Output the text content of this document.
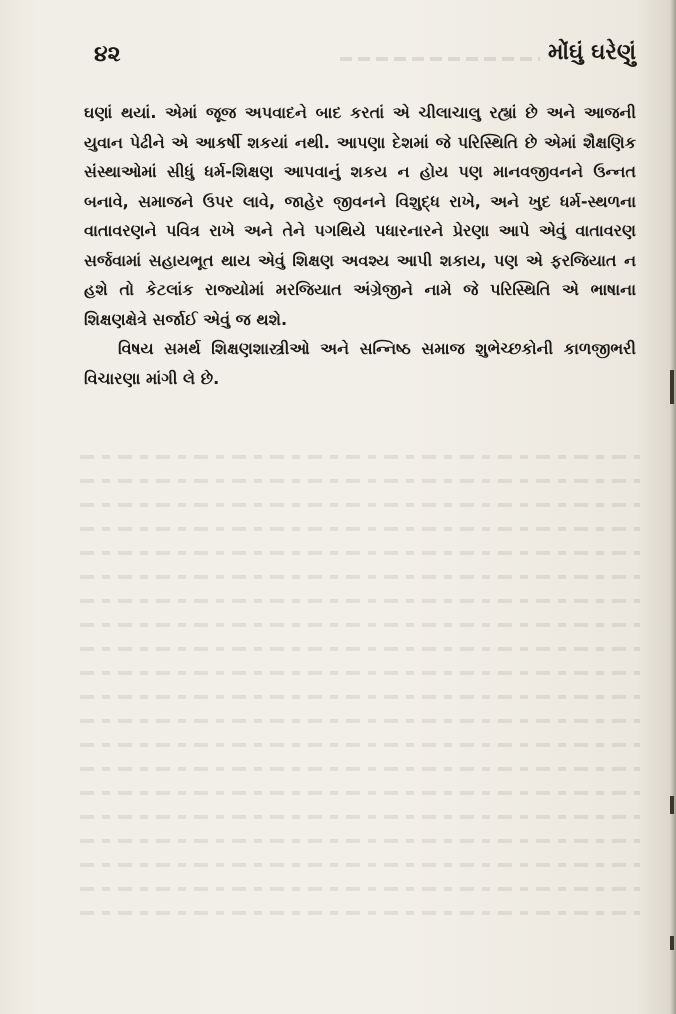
૪૨	મોંઘું ઘરેણું

ઘણાં થયાં. એમાં જૂજ અપવાદને બાદ કરતાં એ ચીલાચાલુ રહ્યાં છે અને આજની યુવાન પેઢીને એ આકર્ષી શકયાં નથી. આપણા દેશમાં જે પરિસ્થિતિ છે એમાં શૈક્ષણિક સંસ્થાઓમાં સીધું ધર્મ-શિક્ષણ આપવાનું શકય ન હોય પણ માનવજીવનને ઉન્નત બનાવે, સમાજને ઉપર લાવે, જાહેર જીવનને વિશુદ્ધ રાખે, અને ખુદ ધર્મ-સ્થળના વાતાવરણને પવિત્ર રાખે અને તેને પગથિયે પધારનારને પ્રેરણા આપે એવું વાતાવરણ સર્જવામાં સહાયભૂત થાય એવું શિક્ષણ અવશ્ય આપી શકાય, પણ એ ફરજિયાત ન હશે તો કેટલાંક રાજ્યોમાં મરજિયાત અંગ્રેજીને નામે જે પરિસ્થિતિ એ ભાષાના શિક્ષણક્ષેત્રે સર્જાઈ એવું જ થશે.

વિષય સમર્થ શિક્ષણશાસ્ત્રીઓ અને સન્નિષ્ઠ સમાજ શુભેચ્છકોની કાળજીભરી વિચારણા માંગી લે છે.
